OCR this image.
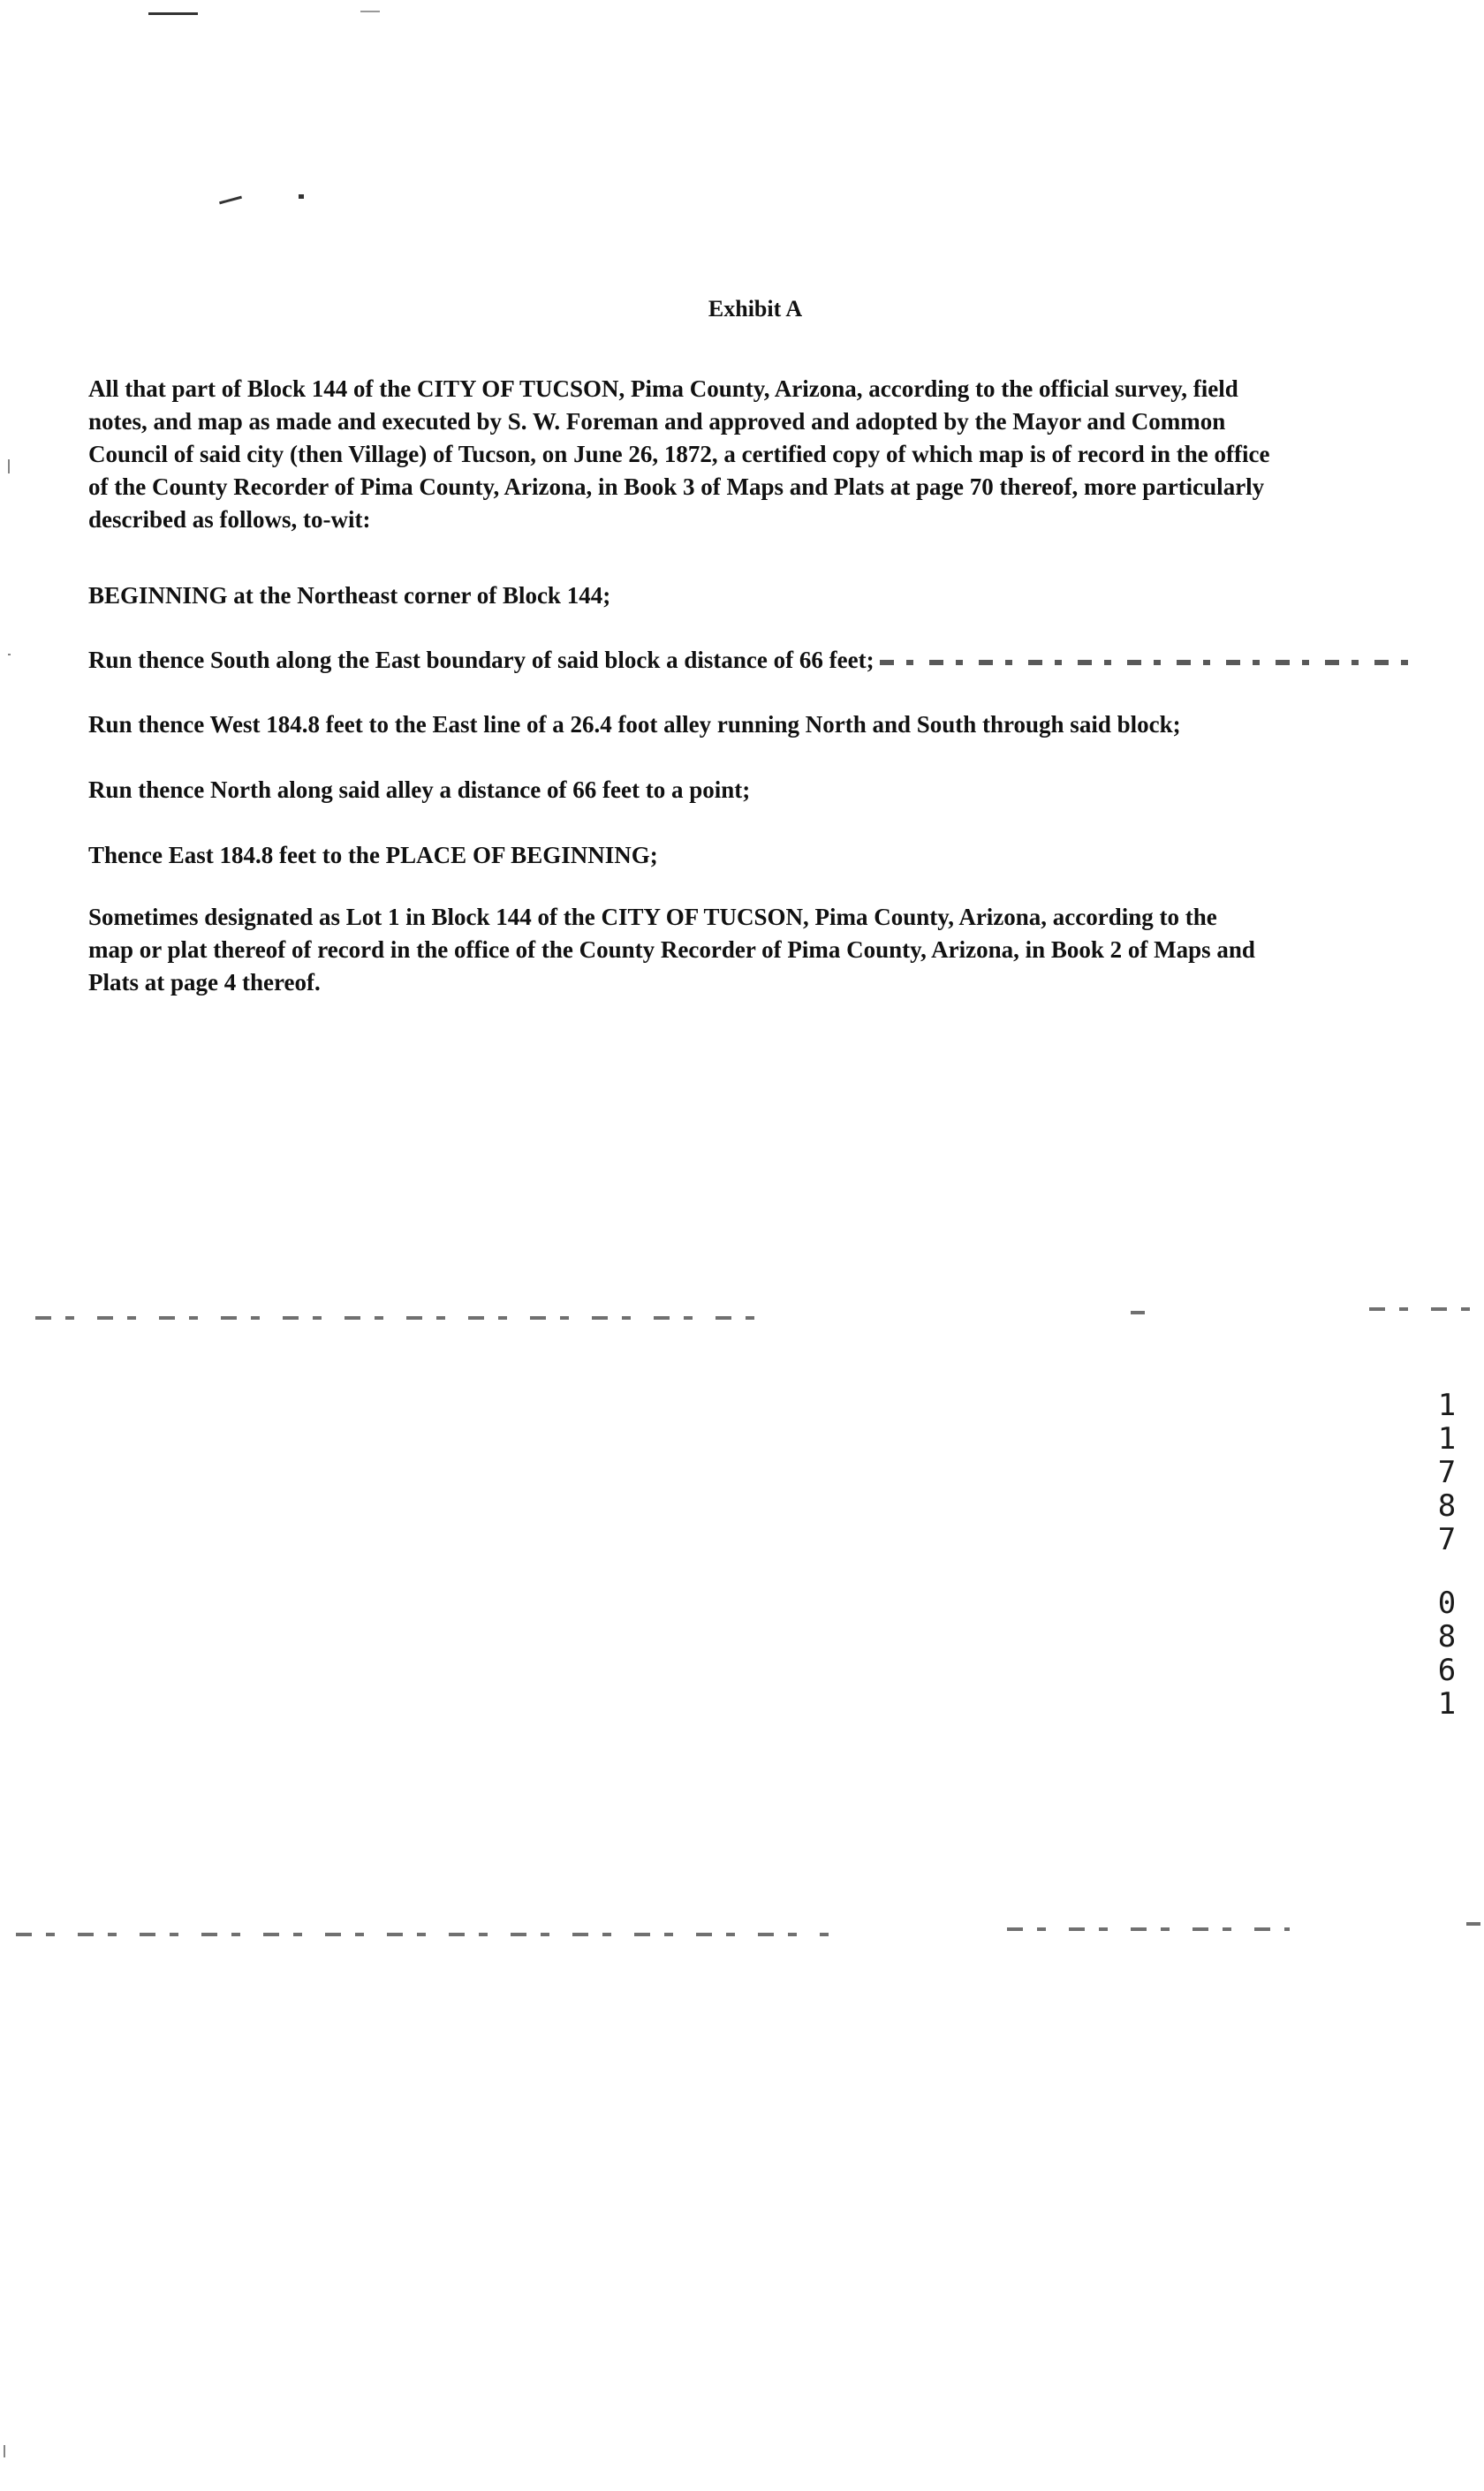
Exhibit A

All that part of Block 144 of the CITY OF TUCSON, Pima County, Arizona, according to the official survey, field
notes, and map as made and executed by S. W. Foreman and approved and adopted by the Mayor and Common
Council of said city (then Village) of Tucson, on June 26, 1872, a certified copy of which map is of record in the office
of the County Recorder of Pima County, Arizona, in Book 3 of Maps and Plats at page 70 thereof, more particularly
described as follows, to-wit:

BEGINNING at the Northeast corner of Block 144;

Run thence South along the East boundary of said block a distance of 66 feet;

Run thence West 184.8 feet to the East line of a 26.4 foot alley running North and South through said block;

Run thence North along said alley a distance of 66 feet to a point;

Thence East 184.8 feet to the PLACE OF BEGINNING;

Sometimes designated as Lot 1 in Block 144 of the CITY OF TUCSON, Pima County, Arizona, according to the
map or plat thereof of record in the office of the County Recorder of Pima County, Arizona, in Book 2 of Maps and
Plats at page 4 thereof.

1
1
7
8
7
0
8
6
1
